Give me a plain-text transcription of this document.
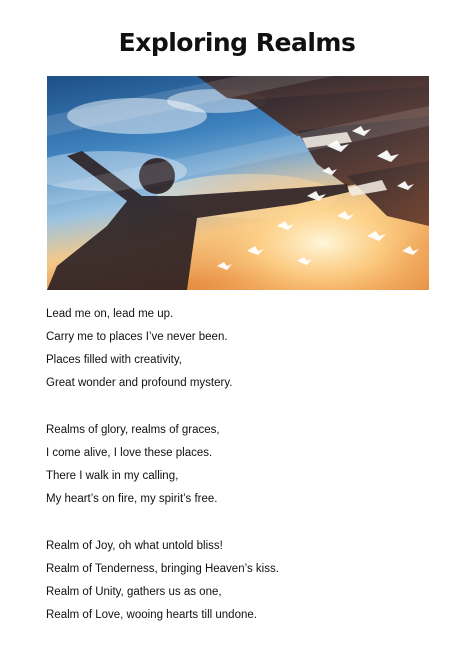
Exploring Realms
Lead me on, lead me up.
Carry me to places I’ve never been.
Places filled with creativity,
Great wonder and profound mystery.
Realms of glory, realms of graces,
I come alive, I love these places.
There I walk in my calling,
My heart’s on fire, my spirit’s free.
Realm of Joy, oh what untold bliss!
Realm of Tenderness, bringing Heaven’s kiss.
Realm of Unity, gathers us as one,
Realm of Love, wooing hearts till undone.
